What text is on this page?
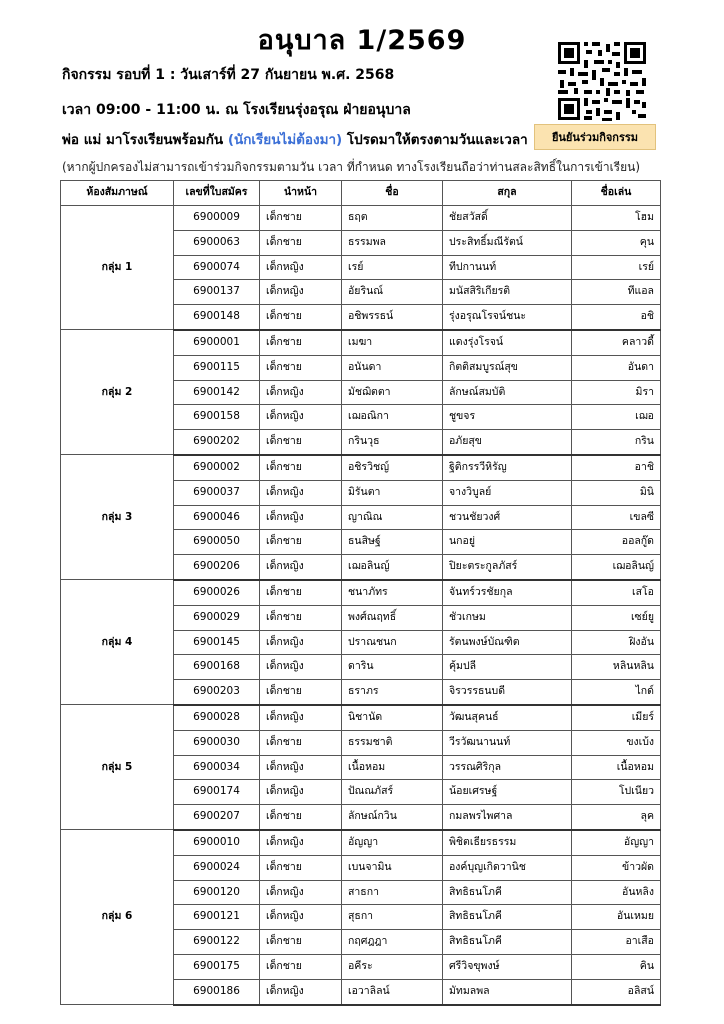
อนุบาล 1/2569
กิจกรรม รอบที่ 1 : วันเสาร์ที่ 27 กันยายน พ.ศ. 2568
เวลา 09:00 - 11:00 น. ณ โรงเรียนรุ่งอรุณ ฝ่ายอนุบาล
พ่อ แม่ มาโรงเรียนพร้อมกัน (นักเรียนไม่ต้องมา) โปรดมาให้ตรงตามวันและเวลา	ยืนยันร่วมกิจกรรม
(หากผู้ปกครองไม่สามารถเข้าร่วมกิจกรรมตามวัน เวลา ที่กำหนด ทางโรงเรียนถือว่าท่านสละสิทธิ์ในการเข้าเรียน)
ห้องสัมภาษณ์	เลขที่ใบสมัคร	นำหน้า	ชื่อ	สกุล	ชื่อเล่น
กลุ่ม 1	6900009	เด็กชาย	ธฤต	ชัยสวัสดิ์	โฮม
	6900063	เด็กชาย	ธรรมพล	ประสิทธิ์มณีรัตน์	คุน
	6900074	เด็กหญิง	เรย์	ทีปกานนท์	เรย์
	6900137	เด็กหญิง	อัยรินณ์	มนัสสิริเกียรติ	ทีแอล
	6900148	เด็กชาย	อชิพรรธน์	รุ่งอรุณโรจน์ชนะ	อชิ
กลุ่ม 2	6900001	เด็กชาย	เมฆา	แดงรุ่งโรจน์	คลาวดี้
	6900115	เด็กชาย	อนันดา	กิตติสมบูรณ์สุข	อันดา
	6900142	เด็กหญิง	มัชฌิตตา	ลักษณ์สมบัติ	มิรา
	6900158	เด็กหญิง	เฌอณิกา	ชูขจร	เฌอ
	6900202	เด็กชาย	กรินวุธ	อภัยสุข	กริน
กลุ่ม 3	6900002	เด็กชาย	อชิรวิชญ์	ฐิติกรรวีหิรัญ	อาชิ
	6900037	เด็กหญิง	มิรันตา	จางวิบูลย์	มินิ
	6900046	เด็กหญิง	ญาณิณ	ชวนชัยวงศ์	เขลซี
	6900050	เด็กชาย	ธนสิษฐ์	นกอยู่	ออลกู๊ด
	6900206	เด็กหญิง	เฌอลินญ์	ปิยะตระกูลภัสร์	เฌอลินญ์
กลุ่ม 4	6900026	เด็กชาย	ชนาภัทร	จันทร์วรชัยกุล	เสโอ
	6900029	เด็กชาย	พงศ์ณฤทธิ์	ชัวเกษม	เซย์ยู
	6900145	เด็กหญิง	ปราณชนก	รัตนพงษ์บัณฑิต	ฝิงอัน
	6900168	เด็กหญิง	ดาริน	คุ้มปลี	หลินหลิน
	6900203	เด็กชาย	ธราภร	จิรวรรธนบดี	ไกด์
กลุ่ม 5	6900028	เด็กหญิง	นิชานัด	วัฒนสุคนธ์	เมียร์
	6900030	เด็กชาย	ธรรมชาติ	วีรวัฒนานนท์	ขงเบ้ง
	6900034	เด็กหญิง	เนื้อหอม	วรรณศิริกุล	เนื้อหอม
	6900174	เด็กหญิง	ปัณณภัสร์	น้อยเศรษฐ์	โปเนียว
	6900207	เด็กชาย	ลักษณ์กวิน	กมลพรไพศาล	ลุค
กลุ่ม 6	6900010	เด็กหญิง	อัญญา	พิชิตเธียรธรรม	อัญญา
	6900024	เด็กชาย	เบนจามิน	องค์บุญเกิดวานิช	ข้าวผัด
	6900120	เด็กหญิง	สาธกา	สิทธิธนโภคี	อันหลิง
	6900121	เด็กหญิง	สุธกา	สิทธิธนโภคี	อันเหมย
	6900122	เด็กชาย	กฤศฎฎา	สิทธิธนโภคี	อาเสือ
	6900175	เด็กชาย	อคีระ	ศรีวิจขุพงษ์	คิน
	6900186	เด็กหญิง	เอวาลิลน์	มัทมลพล	อลิสน์
